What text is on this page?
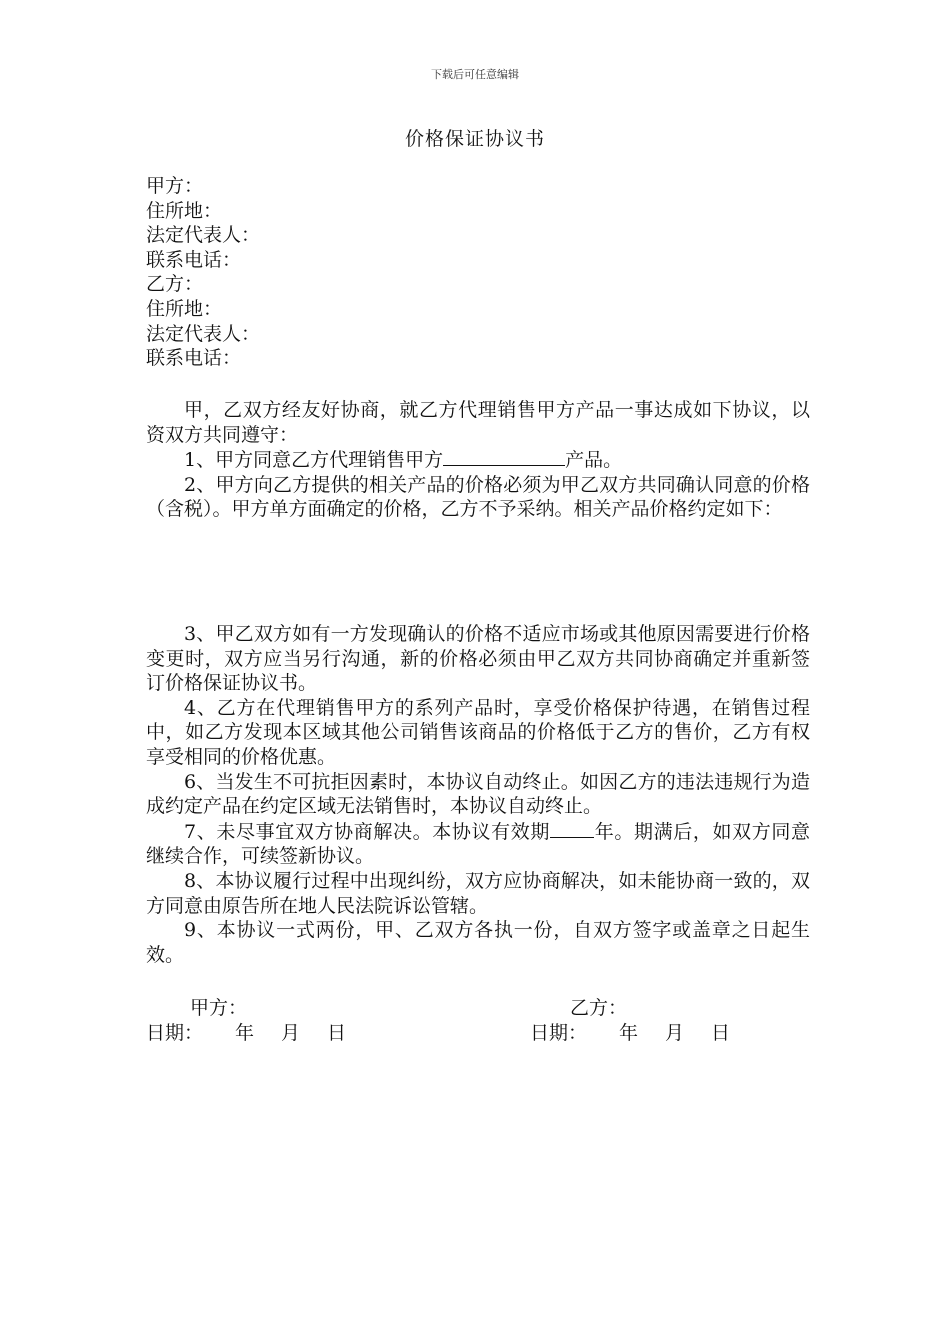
下载后可任意编辑
价格保证协议书
甲方：
住所地：
法定代表人：
联系电话：
乙方：
住所地：
法定代表人：
联系电话：

甲，乙双方经友好协商，就乙方代理销售甲方产品一事达成如下协议，以资双方共同遵守：

1、甲方同意乙方代理销售甲方	产品。

2、甲方向乙方提供的相关产品的价格必须为甲乙双方共同确认同意的价格（含税）。甲方单方面确定的价格，乙方不予采纳。相关产品价格约定如下：

3、甲乙双方如有一方发现确认的价格不适应市场或其他原因需要进行价格变更时，双方应当另行沟通，新的价格必须由甲乙双方共同协商确定并重新签订价格保证协议书。

4、乙方在代理销售甲方的系列产品时，享受价格保护待遇，在销售过程中，如乙方发现本区域其他公司销售该商品的价格低于乙方的售价，乙方有权享受相同的价格优惠。

6、当发生不可抗拒因素时，本协议自动终止。如因乙方的违法违规行为造成约定产品在约定区域无法销售时，本协议自动终止。

7、未尽事宜双方协商解决。本协议有效期 年。期满后，如双方同意继续合作，可续签新协议。

8、本协议履行过程中出现纠纷，双方应协商解决，如未能协商一致的，双方同意由原告所在地人民法院诉讼管辖。

9、本协议一式两份，甲、乙双方各执一份，自双方签字或盖章之日起生效。

甲方：	乙方：
日期： 年 月 日	日期： 年 月 日
